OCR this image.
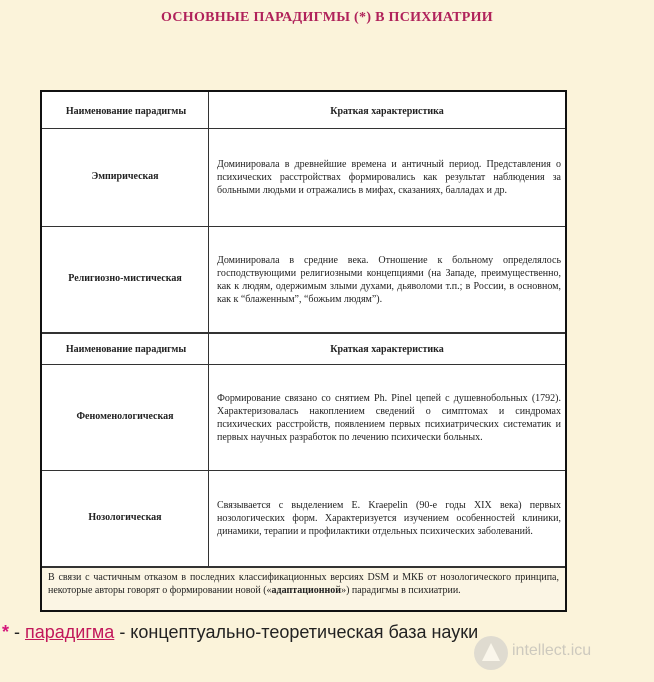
ОСНОВНЫЕ ПАРАДИГМЫ (*) В ПСИХИАТРИИ
Наименование парадигмы	Краткая характеристика
Эмпирическая
Доминировала в древнейшие времена и античный период. Представления о психических расстройствах формировались как результат наблюдения за больными людьми и отражались в мифах, сказаниях, балладах и др.
Религиозно-мистическая
Доминировала в средние века. Отношение к больному определялось господствующими религиозными концепциями (на Западе, преимущественно, как к людям, одержимым злыми духами, дьяволоми т.п.; в России, в основном, как к “блаженным”, “божьим людям”).
Наименование парадигмы	Краткая характеристика
Феноменологическая
Формирование связано со снятием Ph. Pinel цепей с душевнобольных (1792). Характеризовалась накоплением сведений о симптомах и синдромах психических расстройств, появлением первых психиатрических систематик и первых научных разработок по лечению психически больных.
Нозологическая
Связывается с выделением E. Kraepelin (90-е годы XIX века) первых нозологических форм. Характеризуется изучением особенностей клиники, динамики, терапии и профилактики отдельных психических заболеваний.
В связи с частичным отказом в последних классификационных версиях DSM и МКБ от нозологического принципа, некоторые авторы говорят о формировании новой («адаптационной») парадигмы в психиатрии.
* - парадигма - концептуально-теоретическая база науки
intellect.icu
